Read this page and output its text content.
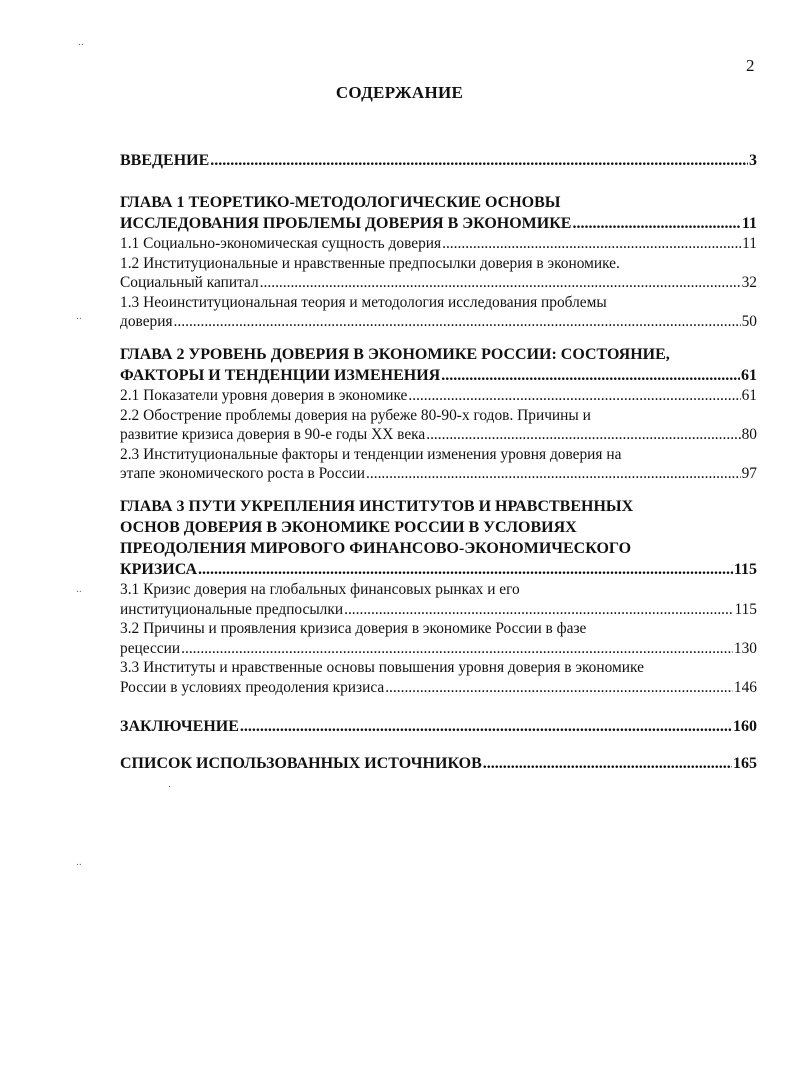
2
СОДЕРЖАНИЕ
ВВЕДЕНИЕ .....	3
ГЛАВА 1 ТЕОРЕТИКО-МЕТОДОЛОГИЧЕСКИЕ ОСНОВЫ
ИССЛЕДОВАНИЯ ПРОБЛЕМЫ ДОВЕРИЯ В ЭКОНОМИКЕ .....	11
1.1 Социально-экономическая сущность доверия .....	11
1.2 Институциональные и нравственные предпосылки доверия в экономике.
Социальный капитал .....	32
1.3 Неоинституциональная теория и методология исследования проблемы
доверия .....	50
ГЛАВА 2 УРОВЕНЬ ДОВЕРИЯ В ЭКОНОМИКЕ РОССИИ: СОСТОЯНИЕ,
ФАКТОРЫ И ТЕНДЕНЦИИ ИЗМЕНЕНИЯ .....	61
2.1 Показатели уровня доверия в экономике .....	61
2.2 Обострение проблемы доверия на рубеже 80-90-х годов. Причины и
развитие кризиса доверия в 90-е годы XX века .....	80
2.3 Институциональные факторы и тенденции изменения уровня доверия на
этапе экономического роста в России .....	97
ГЛАВА 3 ПУТИ УКРЕПЛЕНИЯ ИНСТИТУТОВ И НРАВСТВЕННЫХ
ОСНОВ ДОВЕРИЯ В ЭКОНОМИКЕ РОССИИ В УСЛОВИЯХ
ПРЕОДОЛЕНИЯ МИРОВОГО ФИНАНСОВО-ЭКОНОМИЧЕСКОГО
КРИЗИСА .....	115
3.1 Кризис доверия на глобальных финансовых рынках и его
институциональные предпосылки .....	115
3.2 Причины и проявления кризиса доверия в экономике России в фазе
рецессии .....	130
3.3 Институты и нравственные основы повышения уровня доверия в экономике
России в условиях преодоления кризиса .....	146
ЗАКЛЮЧЕНИЕ .....	160
СПИСОК ИСПОЛЬЗОВАННЫХ ИСТОЧНИКОВ .....	165
..
..
..
..
.
